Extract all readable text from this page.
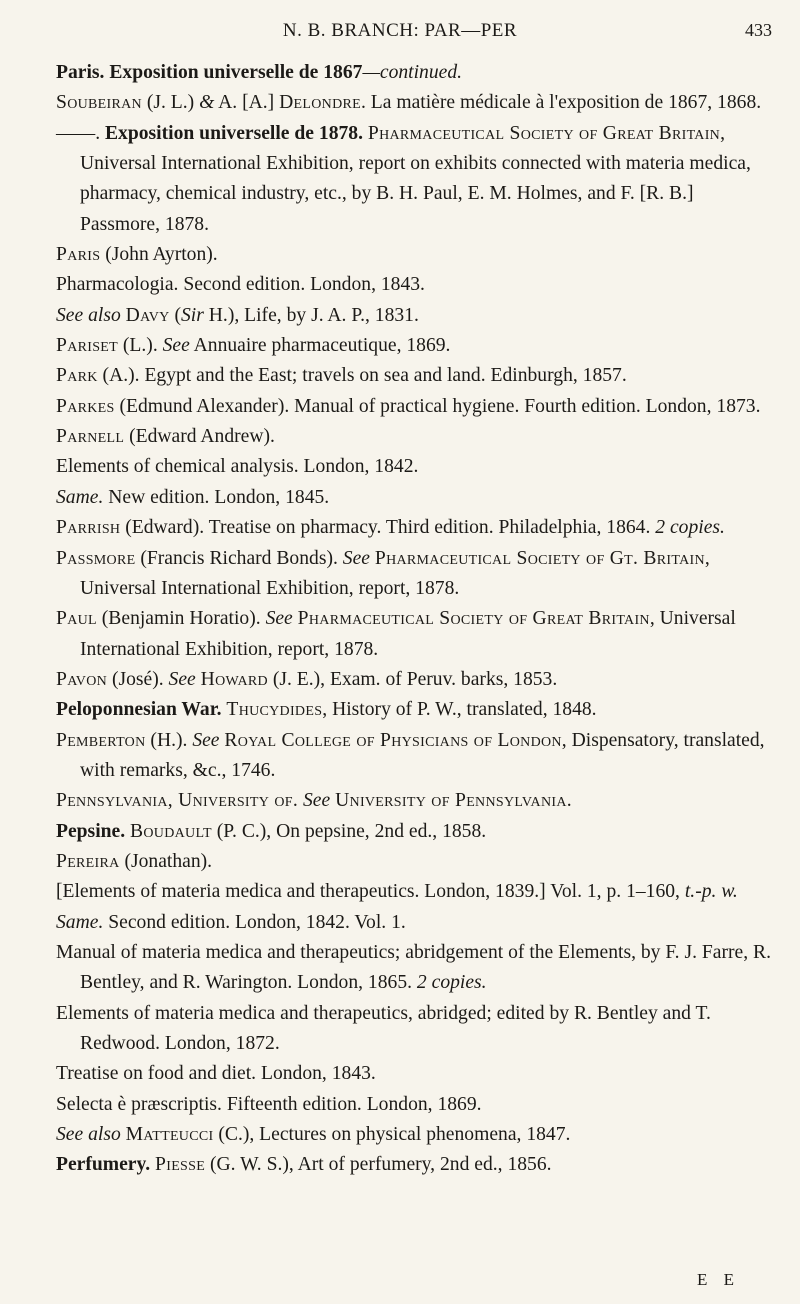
N. B. BRANCH: PAR—PER	433
Paris. Exposition universelle de 1867—continued.
Soubeiran (J. L.) & A. [A.] Delondre. La matière médicale à l'exposition de 1867, 1868.
——. Exposition universelle de 1878. Pharmaceutical Society of Great Britain, Universal International Exhibition, report on exhibits connected with materia medica, pharmacy, chemical industry, etc., by B. H. Paul, E. M. Holmes, and F. [R. B.] Passmore, 1878.
Paris (John Ayrton).
Pharmacologia. Second edition. London, 1843.
See also Davy (Sir H.), Life, by J. A. P., 1831.
Pariset (L.). See Annuaire pharmaceutique, 1869.
Park (A.). Egypt and the East; travels on sea and land. Edinburgh, 1857.
Parkes (Edmund Alexander). Manual of practical hygiene. Fourth edition. London, 1873.
Parnell (Edward Andrew).
Elements of chemical analysis. London, 1842.
Same. New edition. London, 1845.
Parrish (Edward). Treatise on pharmacy. Third edition. Philadelphia, 1864. 2 copies.
Passmore (Francis Richard Bonds). See Pharmaceutical Society of Gt. Britain, Universal International Exhibition, report, 1878.
Paul (Benjamin Horatio). See Pharmaceutical Society of Great Britain, Universal International Exhibition, report, 1878.
Pavon (José). See Howard (J. E.), Exam. of Peruv. barks, 1853.
Peloponnesian War. Thucydides, History of P. W., translated, 1848.
Pemberton (H.). See Royal College of Physicians of London, Dispensatory, translated, with remarks, &c., 1746.
Pennsylvania, University of. See University of Pennsylvania.
Pepsine. Boudault (P. C.), On pepsine, 2nd ed., 1858.
Pereira (Jonathan).
[Elements of materia medica and therapeutics. London, 1839.] Vol. 1, p. 1–160, t.-p. w.
Same. Second edition. London, 1842. Vol. 1.
Manual of materia medica and therapeutics; abridgement of the Elements, by F. J. Farre, R. Bentley, and R. Warington. London, 1865. 2 copies.
Elements of materia medica and therapeutics, abridged; edited by R. Bentley and T. Redwood. London, 1872.
Treatise on food and diet. London, 1843.
Selecta è præscriptis. Fifteenth edition. London, 1869.
See also Matteucci (C.), Lectures on physical phenomena, 1847.
Perfumery. Piesse (G. W. S.), Art of perfumery, 2nd ed., 1856.
E E
